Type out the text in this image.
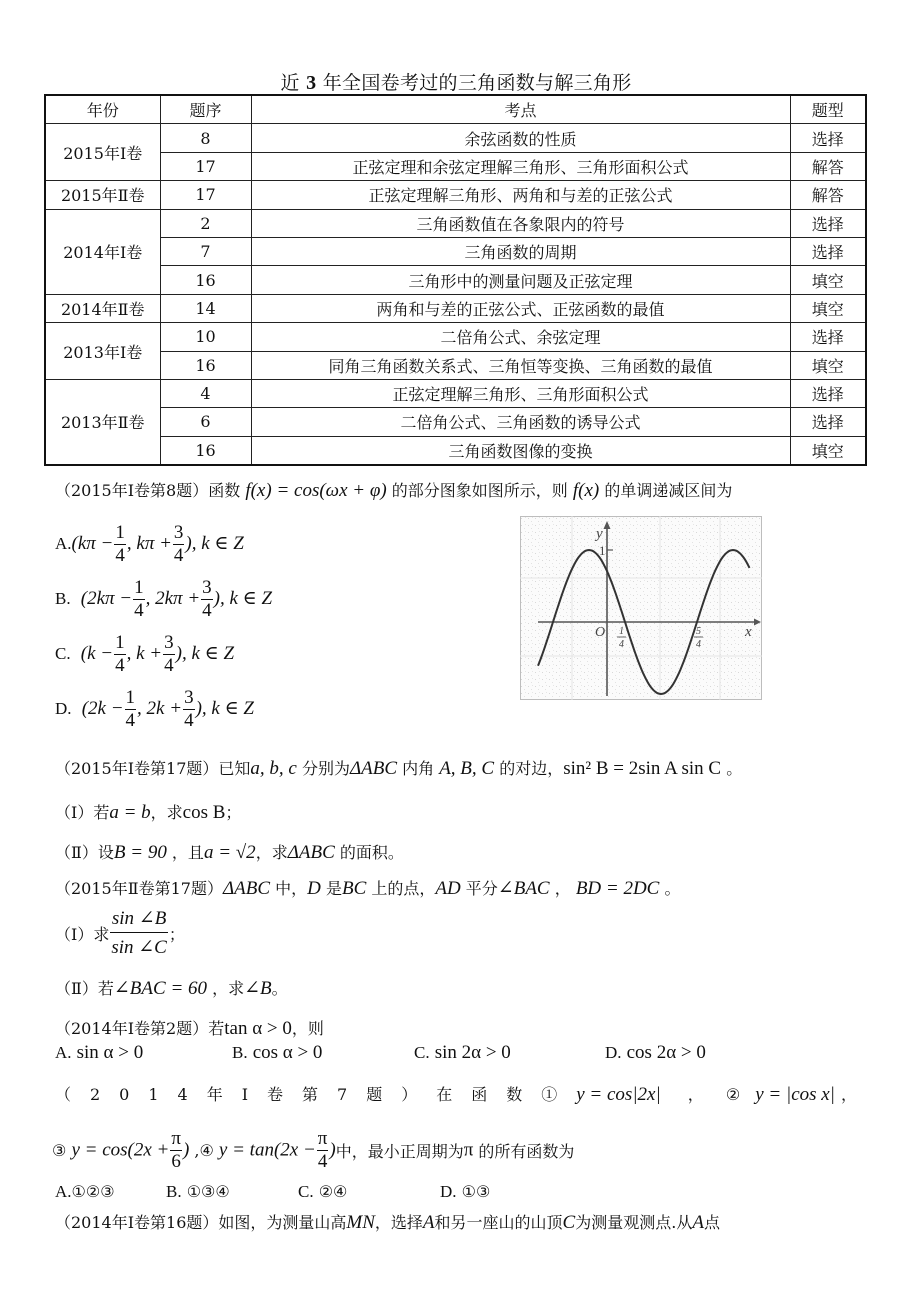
近 3 年全国卷考过的三角函数与解三角形
年份	题序	考点	题型
2015年Ⅰ卷	8	余弦函数的性质	选择
	17	正弦定理和余弦定理解三角形、三角形面积公式	解答
2015年Ⅱ卷	17	正弦定理解三角形、两角和与差的正弦公式	解答
2014年Ⅰ卷	2	三角函数值在各象限内的符号	选择
	7	三角函数的周期	选择
	16	三角形中的测量问题及正弦定理	填空
2014年Ⅱ卷	14	两角和与差的正弦公式、正弦函数的最值	填空
2013年Ⅰ卷	10	二倍角公式、余弦定理	选择
	16	同角三角函数关系式、三角恒等变换、三角函数的最值	填空
2013年Ⅱ卷	4	正弦定理解三角形、三角形面积公式	选择
	6	二倍角公式、三角函数的诱导公式	选择
	16	三角函数图像的变换	填空
（2015年Ⅰ卷第8题）函数 f(x) = cos(ωx + φ) 的部分图象如图所示，则 f(x) 的单调递减区间为
$A.(k\pi - \frac{1}{4}$ , $k\pi + \frac{3}{4}$ ), k ∈ Z
B. ($2k\pi - \frac{1}{4}$ , $2k\pi + \frac{3}{4}$ ), k ∈ Z
C. ($k - \frac{1}{4}$ , $k + \frac{3}{4}$ ), k ∈ Z
D. ($2k - \frac{1}{4}$ , $2k + \frac{3}{4}$ ), k ∈ Z
y
x
O
1
1
4
5
4
（2015年Ⅰ卷第17题）已知a, b, c 分别为ΔABC 内角 A, B, C 的对边，sin² B = 2sin A sin C 。
（Ⅰ）若a = b，求cos B；
（Ⅱ）设B = 90 ，且a = √2，求ΔABC 的面积。
（2015年Ⅱ卷第17题）ΔABC 中，D 是BC 上的点，AD 平分∠BAC ， BD = 2DC 。
（Ⅰ）求 $\frac{\sin \angle B}{\sin \angle C}$ ；
（Ⅱ）若∠BAC = 60 ，求∠B。
（2014年Ⅰ卷第2题）若tan α > 0，则
A. sin α > 0	B. cos α > 0	C. sin 2α > 0	D. cos 2α > 0
（2014年Ⅰ卷第7题）在函数①y = cos|2x| ， ② y = |cos x| ，
③ $y = \cos(2x + \frac{\pi}{6}$ ) ,④ $y = \tan(2x - \frac{\pi}{4}$ )中，最小正周期为π 的所有函数为
A.①②③	B. ①③④	C. ②④	D. ①③
（2014年Ⅰ卷第16题）如图，为测量山高MN，选择A和另一座山的山顶C为测量观测点.从A点
